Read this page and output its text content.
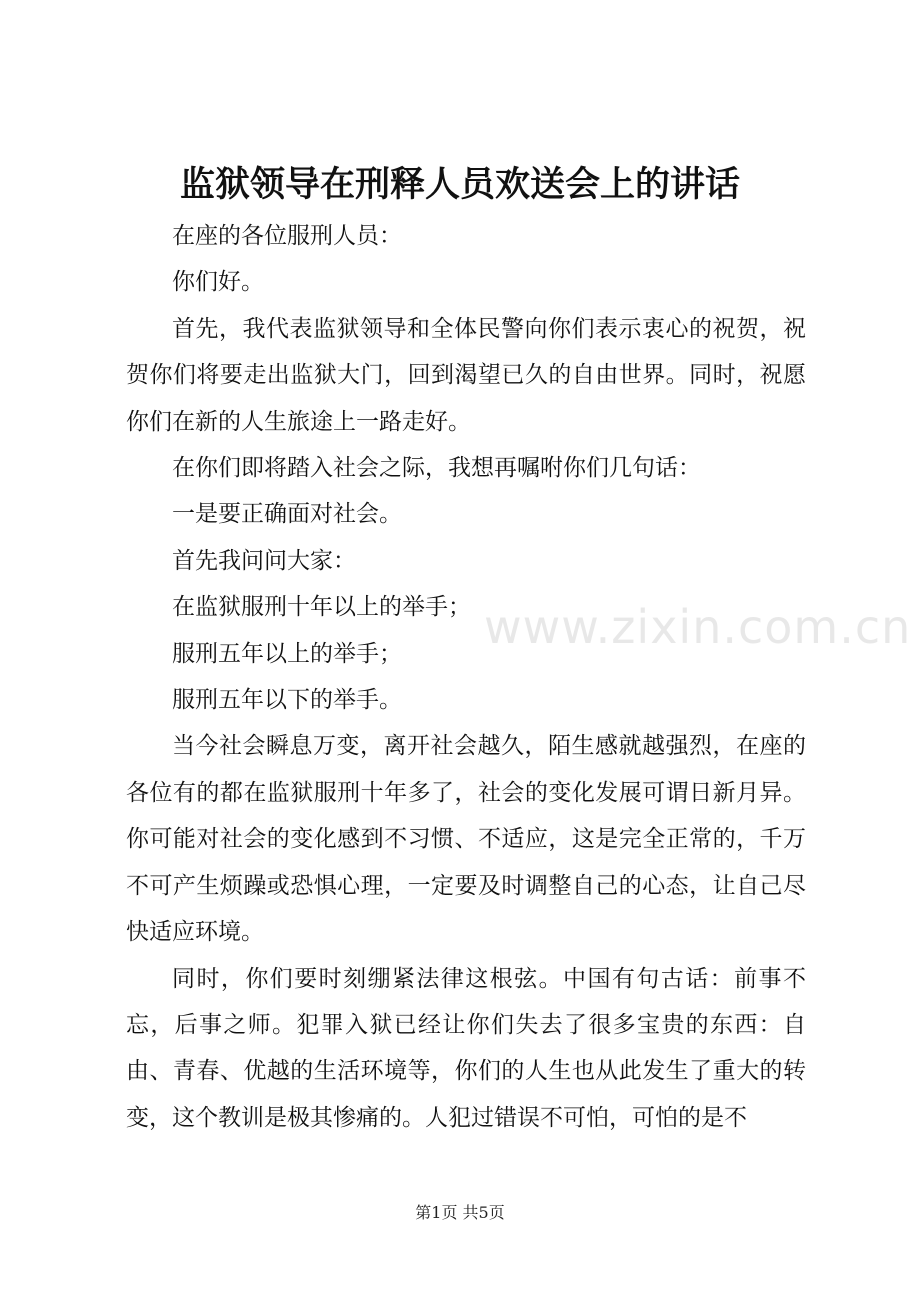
监狱领导在刑释人员欢送会上的讲话

在座的各位服刑人员：

你们好。

首先，我代表监狱领导和全体民警向你们表示衷心的祝贺，祝贺你们将要走出监狱大门，回到渴望已久的自由世界。同时，祝愿你们在新的人生旅途上一路走好。

在你们即将踏入社会之际，我想再嘱咐你们几句话：

一是要正确面对社会。

首先我问问大家：

在监狱服刑十年以上的举手；

服刑五年以上的举手；

服刑五年以下的举手。

当今社会瞬息万变，离开社会越久，陌生感就越强烈，在座的各位有的都在监狱服刑十年多了，社会的变化发展可谓日新月异。你可能对社会的变化感到不习惯、不适应，这是完全正常的，千万不可产生烦躁或恐惧心理，一定要及时调整自己的心态，让自己尽快适应环境。

同时，你们要时刻绷紧法律这根弦。中国有句古话：前事不忘，后事之师。犯罪入狱已经让你们失去了很多宝贵的东西：自由、青春、优越的生活环境等，你们的人生也从此发生了重大的转变，这个教训是极其惨痛的。人犯过错误不可怕，可怕的是不

www.zixin.com.cn
第1页 共5页
